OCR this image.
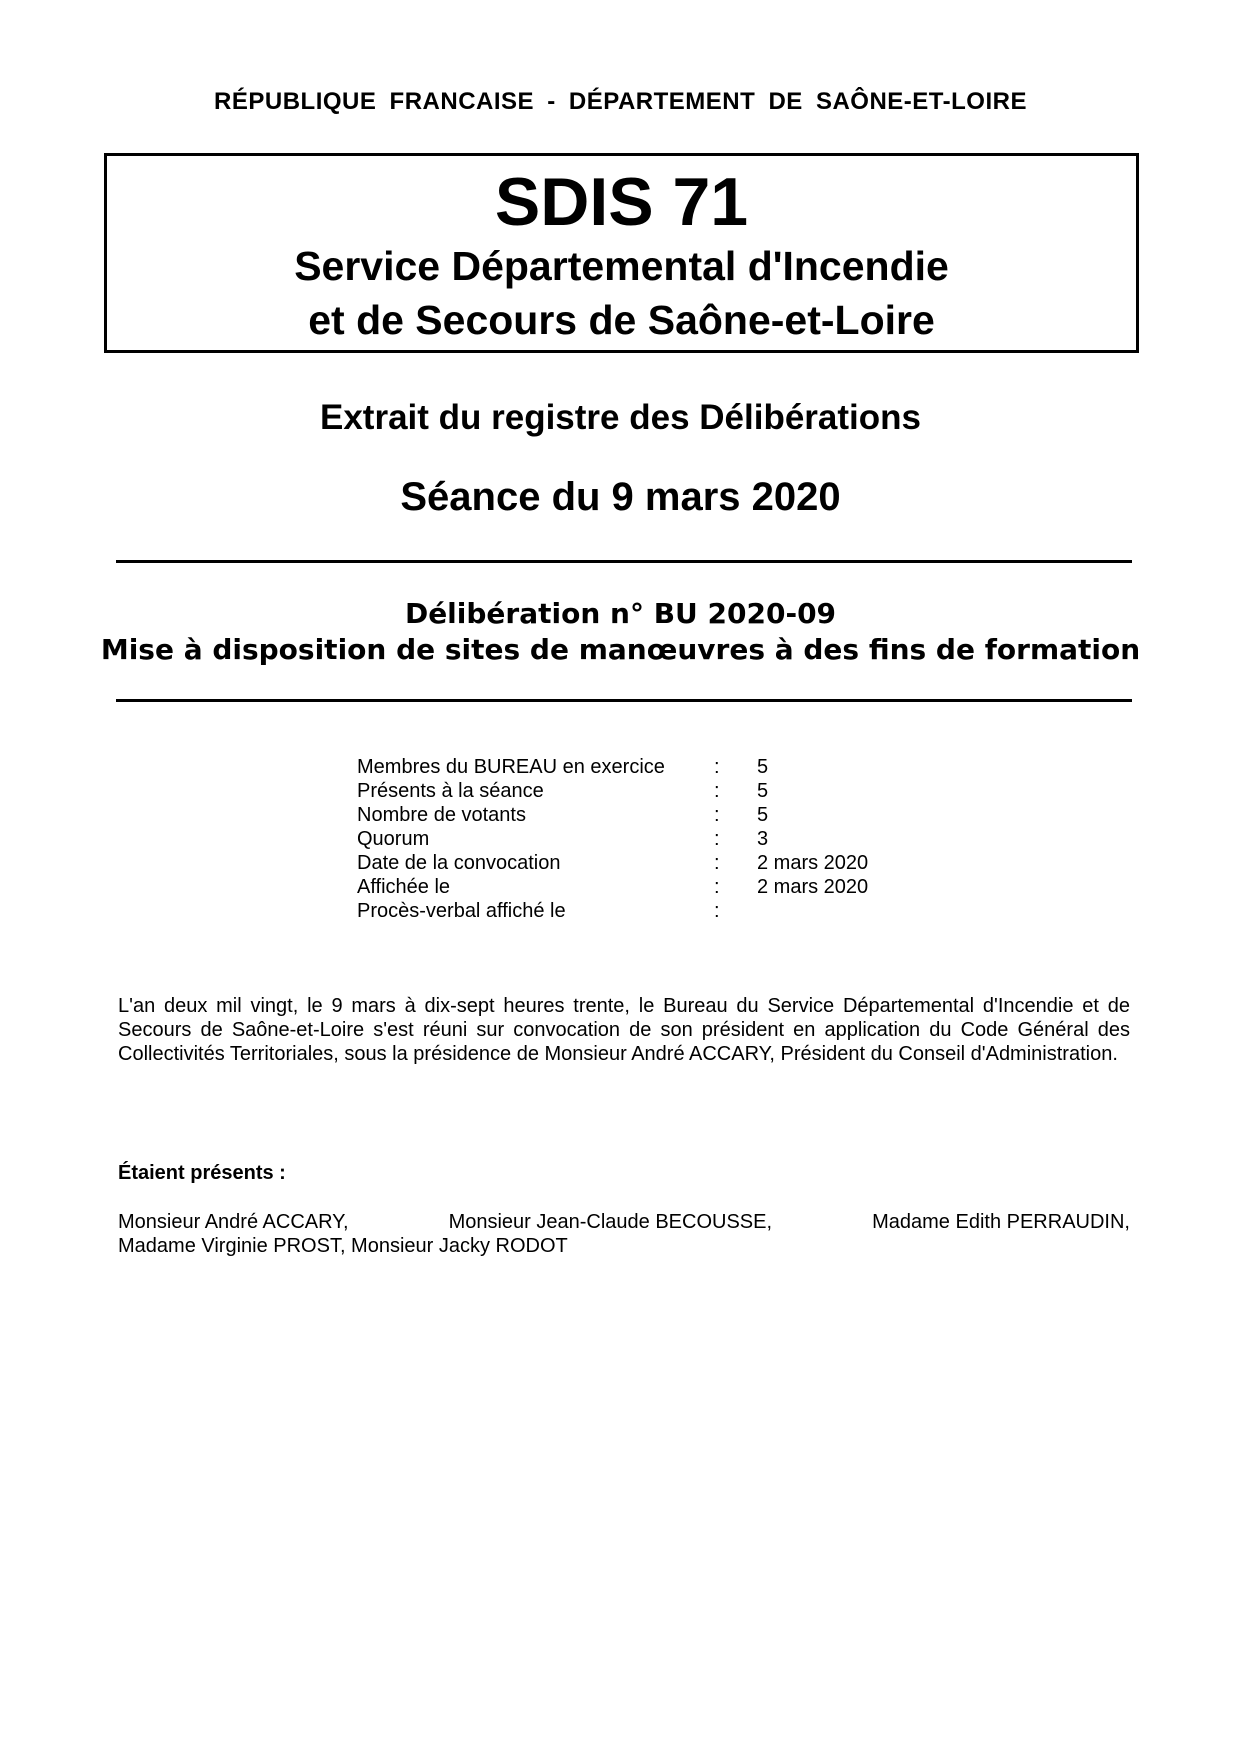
RÉPUBLIQUE FRANCAISE - DÉPARTEMENT DE SAÔNE-ET-LOIRE
SDIS 71
Service Départemental d'Incendie
et de Secours de Saône-et-Loire
Extrait du registre des Délibérations
Séance du 9 mars 2020
Délibération n° BU 2020-09
Mise à disposition de sites de manœuvres à des fins de formation
Membres du BUREAU en exercice	:	5
Présents à la séance	:	5
Nombre de votants	:	5
Quorum	:	3
Date de la convocation	:	2 mars 2020
Affichée le	:	2 mars 2020
Procès-verbal affiché le	:
L'an deux mil vingt, le 9 mars à dix-sept heures trente, le Bureau du Service Départemental d'Incendie et de Secours de Saône-et-Loire s'est réuni sur convocation de son président en application du Code Général des Collectivités Territoriales, sous la présidence de Monsieur André ACCARY, Président du Conseil d'Administration.
Étaient présents :
Monsieur André ACCARY,	Monsieur Jean-Claude BECOUSSE,	Madame Edith PERRAUDIN,
Madame Virginie PROST, Monsieur Jacky RODOT
